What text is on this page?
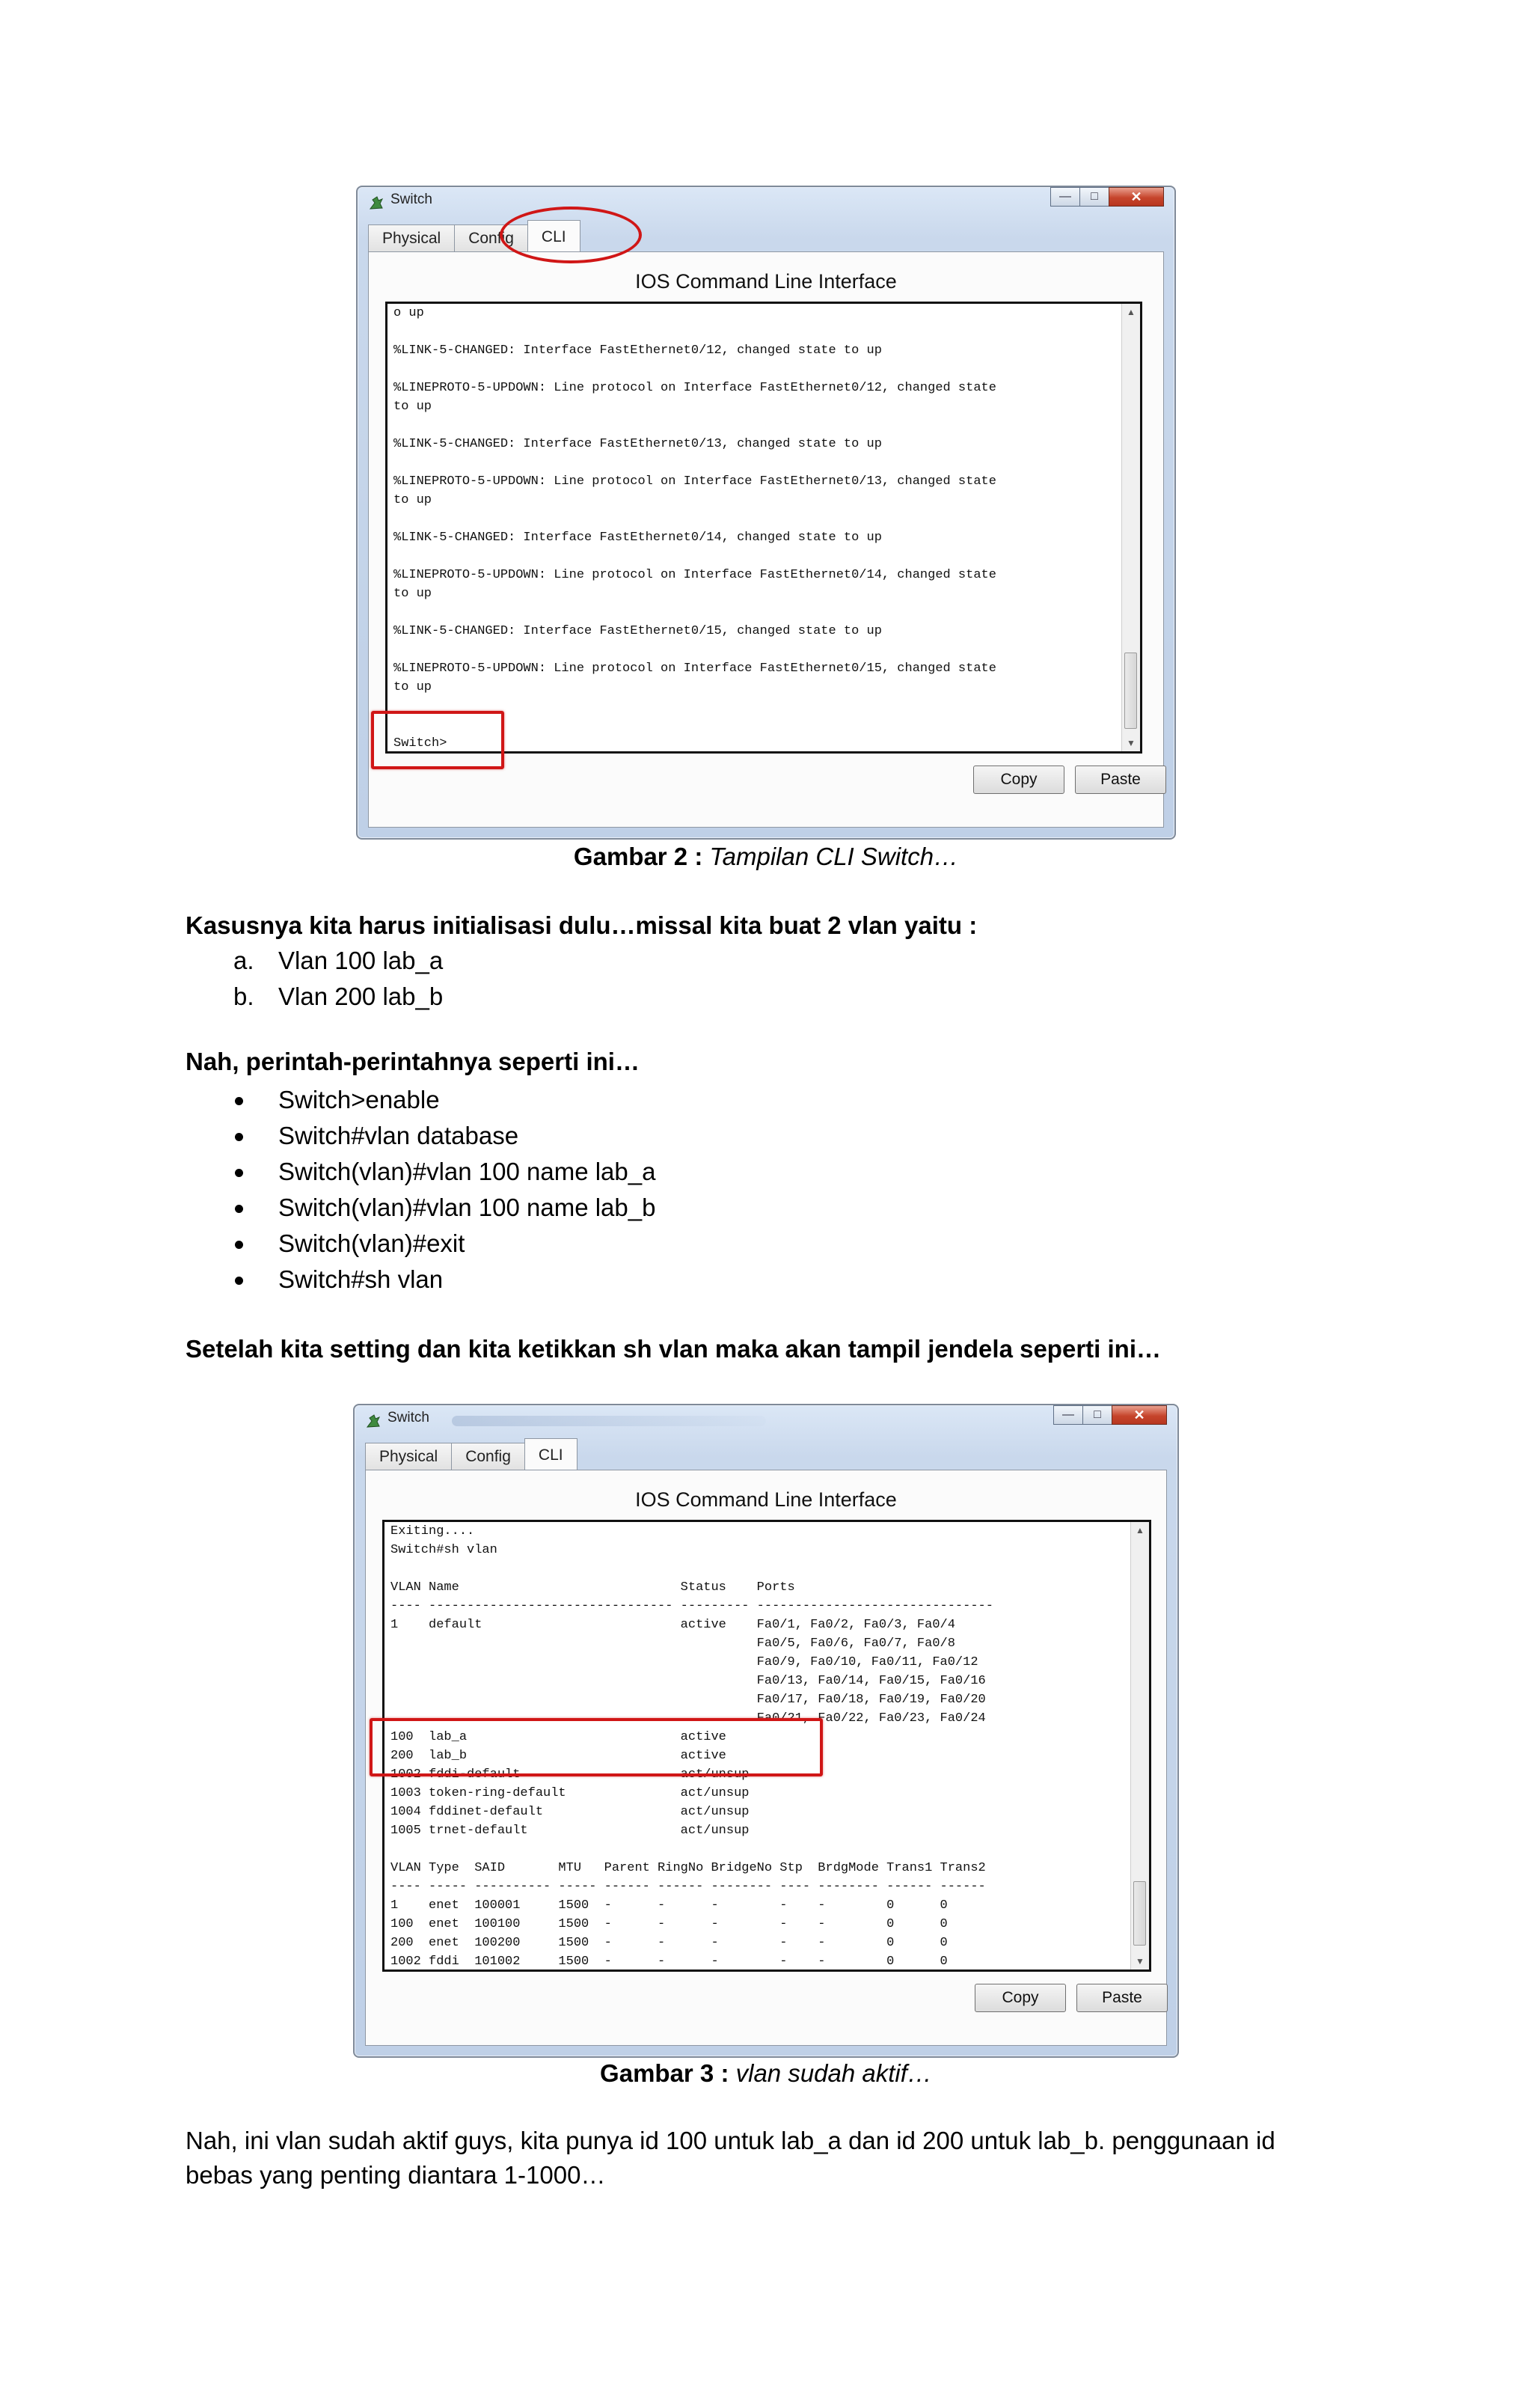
Switch	—	□	✕
Physical	Config	CLI
IOS Command Line Interface
o up

%LINK-5-CHANGED: Interface FastEthernet0/12, changed state to up

%LINEPROTO-5-UPDOWN: Line protocol on Interface FastEthernet0/12, changed state
to up

%LINK-5-CHANGED: Interface FastEthernet0/13, changed state to up

%LINEPROTO-5-UPDOWN: Line protocol on Interface FastEthernet0/13, changed state
to up

%LINK-5-CHANGED: Interface FastEthernet0/14, changed state to up

%LINEPROTO-5-UPDOWN: Line protocol on Interface FastEthernet0/14, changed state
to up

%LINK-5-CHANGED: Interface FastEthernet0/15, changed state to up

%LINEPROTO-5-UPDOWN: Line protocol on Interface FastEthernet0/15, changed state
to up

Switch>
▲
▼
Copy	Paste
Gambar 2 : Tampilan CLI Switch…
Kasusnya kita harus initialisasi dulu…missal kita buat 2 vlan yaitu :
a. Vlan 100 lab_a
b. Vlan 200 lab_b
Nah, perintah-perintahnya seperti ini…
Switch>enable
Switch#vlan database
Switch(vlan)#vlan 100 name lab_a
Switch(vlan)#vlan 100 name lab_b
Switch(vlan)#exit
Switch#sh vlan
Setelah kita setting dan kita ketikkan sh vlan maka akan tampil jendela seperti ini…
Switch	—	□	✕
Physical	Config	CLI
IOS Command Line Interface
Exiting....
Switch#sh vlan

VLAN Name                             Status    Ports
---- -------------------------------- --------- -------------------------------
1    default                          active    Fa0/1, Fa0/2, Fa0/3, Fa0/4
Fa0/5, Fa0/6, Fa0/7, Fa0/8
Fa0/9, Fa0/10, Fa0/11, Fa0/12
Fa0/13, Fa0/14, Fa0/15, Fa0/16
Fa0/17, Fa0/18, Fa0/19, Fa0/20
Fa0/21, Fa0/22, Fa0/23, Fa0/24
100  lab_a                            active
200  lab_b                            active
1002 fddi-default                     act/unsup
1003 token-ring-default               act/unsup
1004 fddinet-default                  act/unsup
1005 trnet-default                    act/unsup

VLAN Type  SAID       MTU   Parent RingNo BridgeNo Stp  BrdgMode Trans1 Trans2
---- ----- ---------- ----- ------ ------ -------- ---- -------- ------ ------
1    enet  100001     1500  -      -      -        -    -        0      0
100  enet  100100     1500  -      -      -        -    -        0      0
200  enet  100200     1500  -      -      -        -    -        0      0
1002 fddi  101002     1500  -      -      -        -    -        0      0
▲
▼
Copy	Paste
Gambar 3 : vlan sudah aktif…
Nah, ini vlan sudah aktif guys, kita punya id 100 untuk lab_a dan id 200 untuk lab_b. penggunaan id
bebas yang penting diantara 1-1000…
